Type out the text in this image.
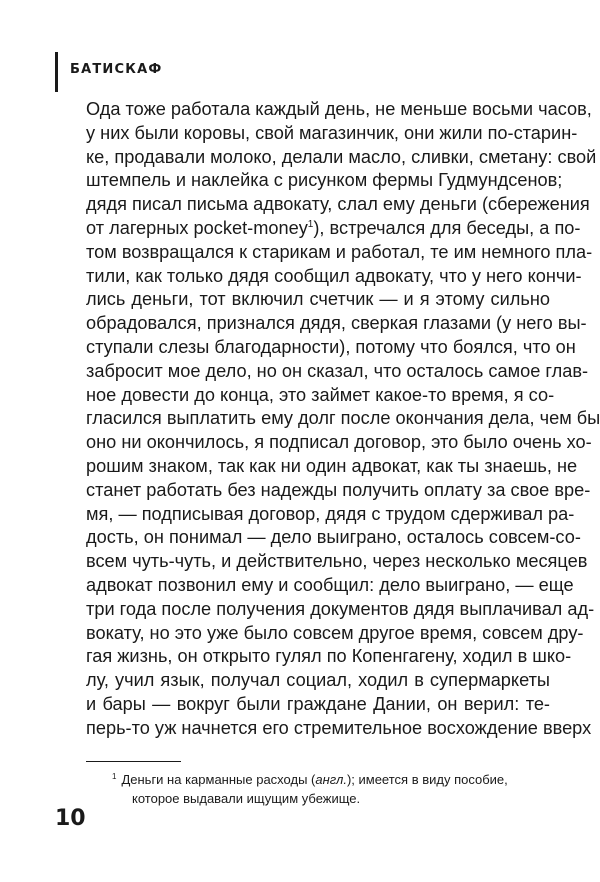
БАТИСКАФ
Ода тоже работала каждый день, не меньше восьми часов,
у них были коровы, свой магазинчик, они жили по-старин-
ке, продавали молоко, делали масло, сливки, сметану: свой
штемпель и наклейка с рисунком фермы Гудмундсенов;
дядя писал письма адвокату, слал ему деньги (сбережения
от лагерных pocket-money$^1$), встречался для беседы, а по-
том возвращался к старикам и работал, те им немного пла-
тили, как только дядя сообщил адвокату, что у него кончи-
лись деньги, тот включил счетчик — и я этому сильно
обрадовался, признался дядя, сверкая глазами (у него вы-
ступали слезы благодарности), потому что боялся, что он
забросит мое дело, но он сказал, что осталось самое глав-
ное довести до конца, это займет какое-то время, я со-
гласился выплатить ему долг после окончания дела, чем бы
оно ни окончилось, я подписал договор, это было очень хо-
рошим знаком, так как ни один адвокат, как ты знаешь, не
станет работать без надежды получить оплату за свое вре-
мя, — подписывая договор, дядя с трудом сдерживал ра-
дость, он понимал — дело выиграно, осталось совсем-со-
всем чуть-чуть, и действительно, через несколько месяцев
адвокат позвонил ему и сообщил: дело выиграно, — еще
три года после получения документов дядя выплачивал ад-
вокату, но это уже было совсем другое время, совсем дру-
гая жизнь, он открыто гулял по Копенгагену, ходил в шко-
лу, учил язык, получал социал, ходил в супермаркеты
и бары — вокруг были граждане Дании, он верил: те-
перь-то уж начнется его стремительное восхождение вверх
$^1$ Деньги на карманные расходы (англ.); имеется в виду пособие,
которое выдавали ищущим убежище.
10
